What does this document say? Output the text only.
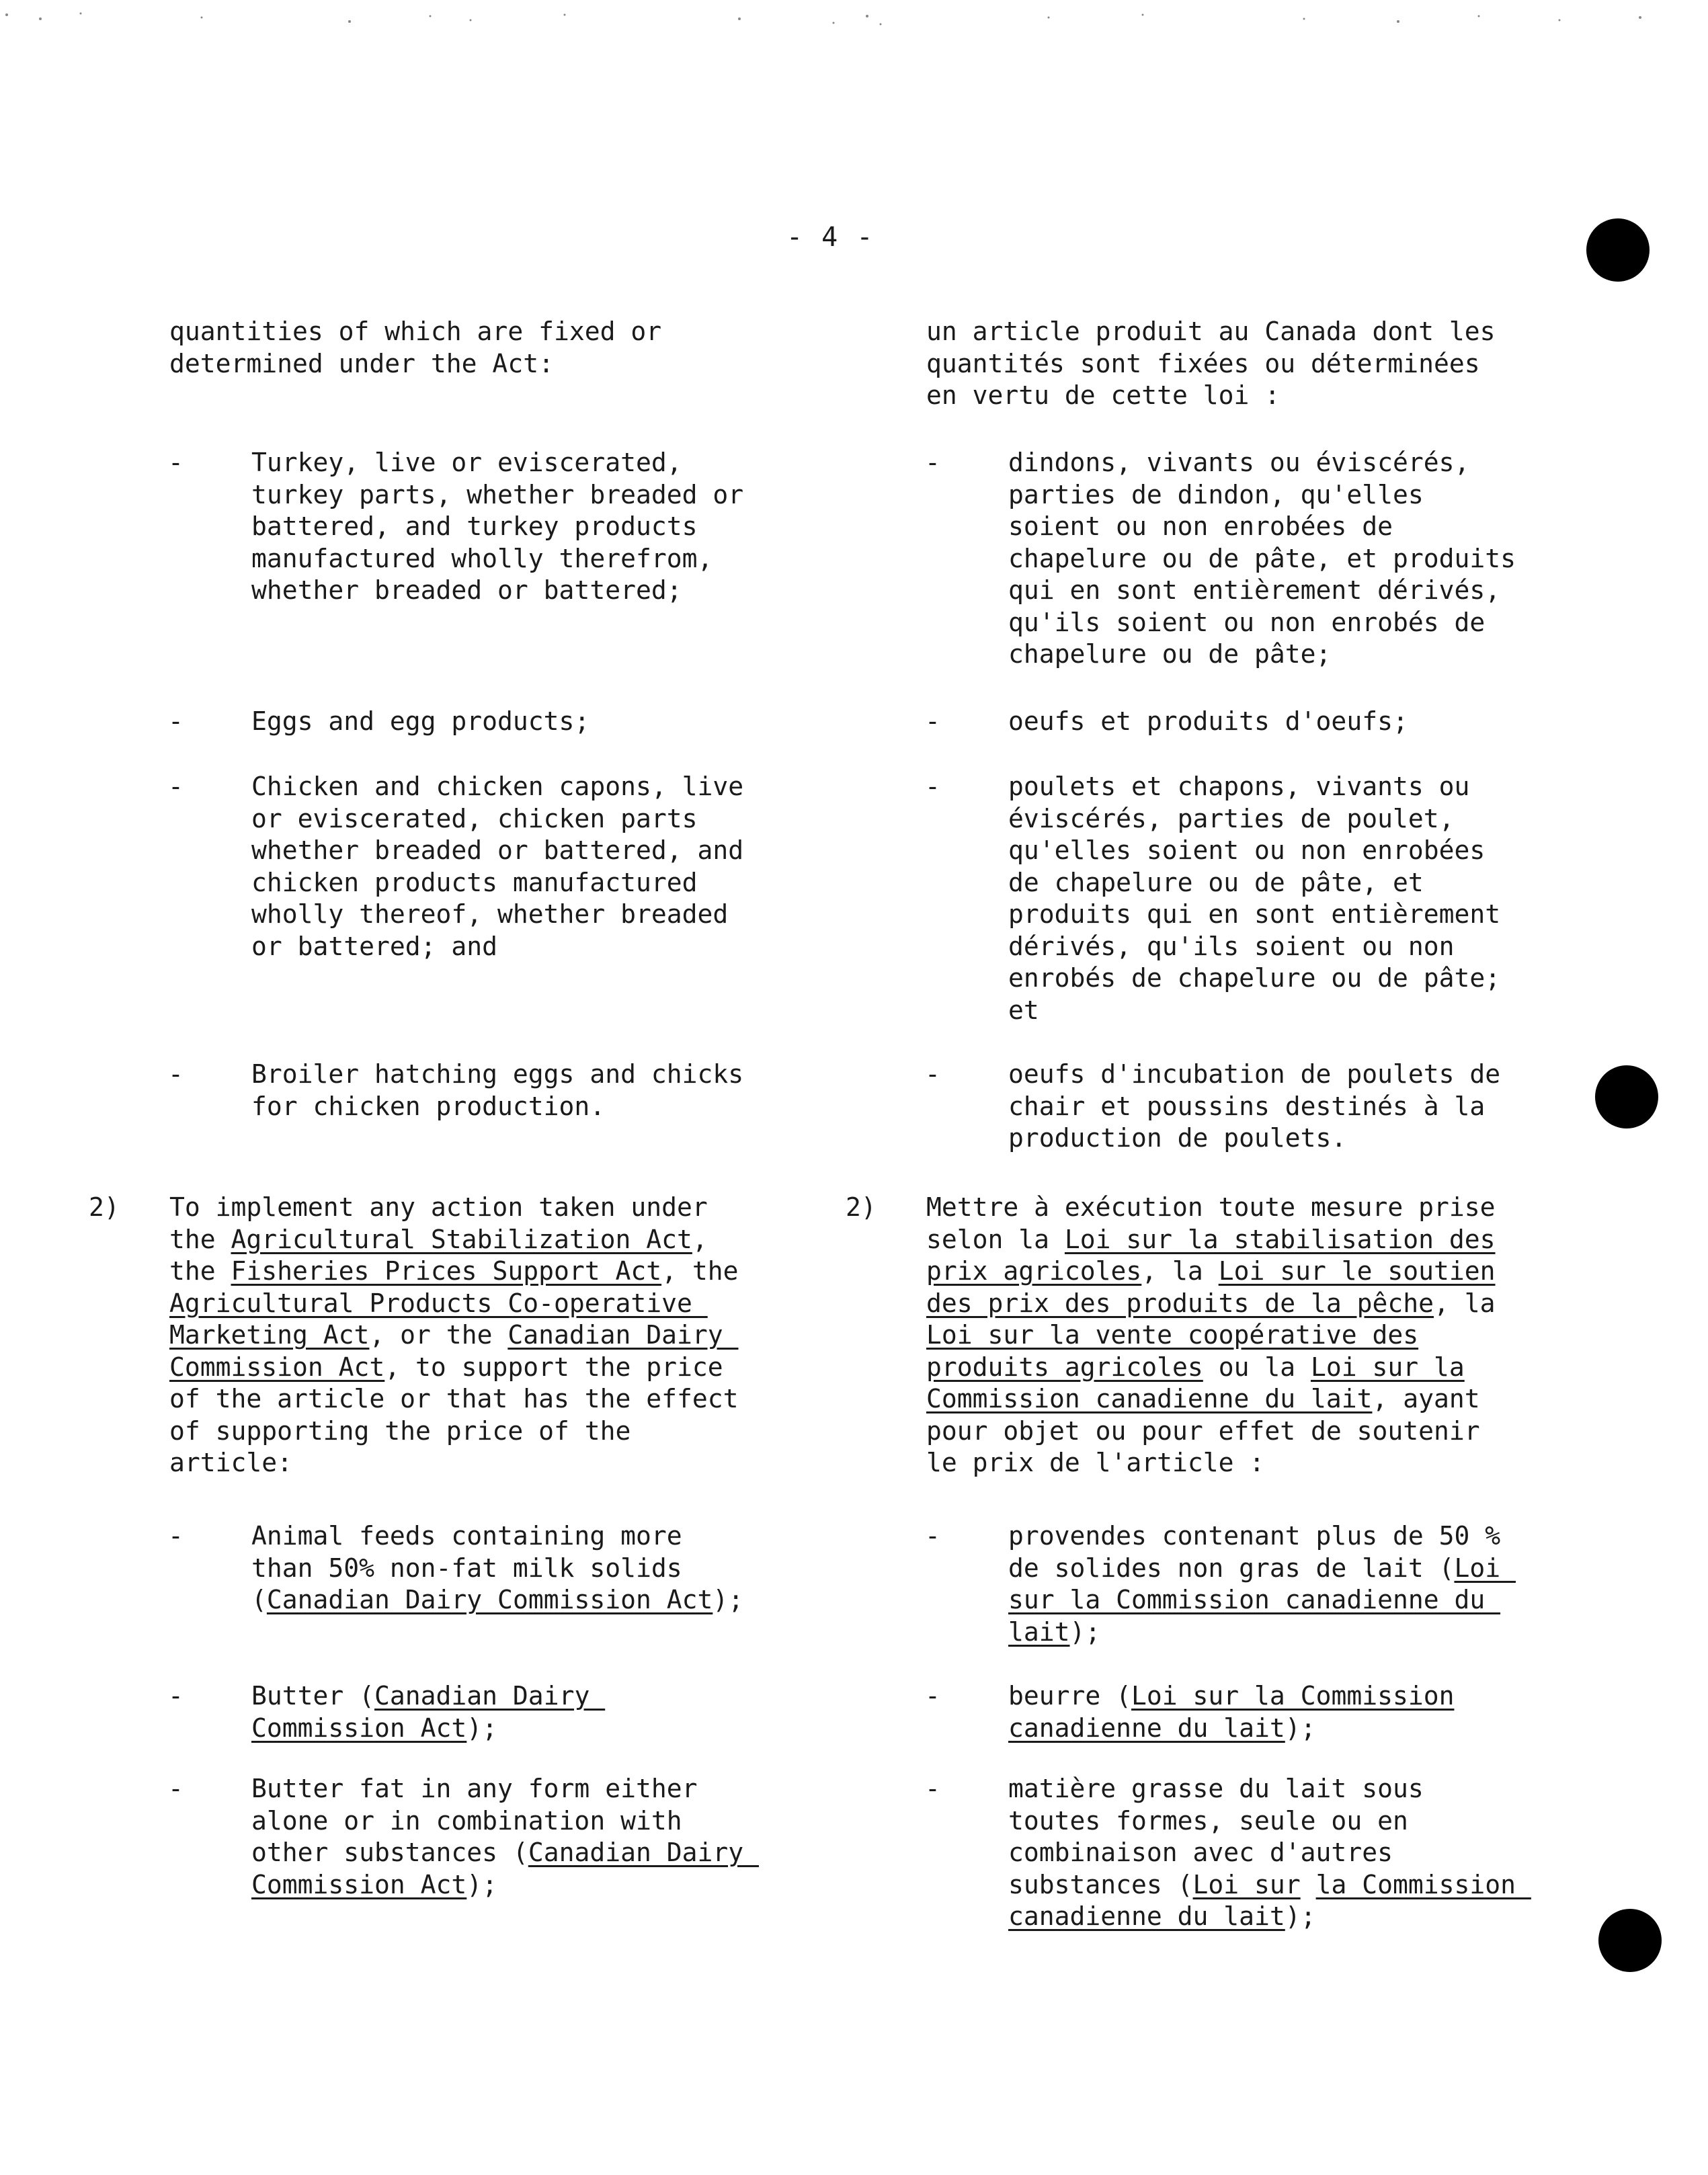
- 4 -
quantities of which are fixed or
determined under the Act:
-	Turkey, live or eviscerated,
turkey parts, whether breaded or
battered, and turkey products
manufactured wholly therefrom,
whether breaded or battered;
-	Eggs and egg products;
-	Chicken and chicken capons, live
or eviscerated, chicken parts
whether breaded or battered, and
chicken products manufactured
wholly thereof, whether breaded
or battered; and
-	Broiler hatching eggs and chicks
for chicken production.
2) To implement any action taken under
the Agricultural Stabilization Act,
the Fisheries Prices Support Act, the
Agricultural Products Co-operative
Marketing Act, or the Canadian Dairy
Commission Act, to support the price
of the article or that has the effect
of supporting the price of the
article:
-	Animal feeds containing more
than 50% non-fat milk solids
(Canadian Dairy Commission Act);
-	Butter (Canadian Dairy
Commission Act);
-	Butter fat in any form either
alone or in combination with
other substances (Canadian Dairy
Commission Act);
un article produit au Canada dont les
quantités sont fixées ou déterminées
en vertu de cette loi :
-	dindons, vivants ou éviscérés,
parties de dindon, qu'elles
soient ou non enrobées de
chapelure ou de pâte, et produits
qui en sont entièrement dérivés,
qu'ils soient ou non enrobés de
chapelure ou de pâte;
-	oeufs et produits d'oeufs;
-	poulets et chapons, vivants ou
éviscérés, parties de poulet,
qu'elles soient ou non enrobées
de chapelure ou de pâte, et
produits qui en sont entièrement
dérivés, qu'ils soient ou non
enrobés de chapelure ou de pâte;
et
-	oeufs d'incubation de poulets de
chair et poussins destinés à la
production de poulets.
2) Mettre à exécution toute mesure prise
selon la Loi sur la stabilisation des
prix agricoles, la Loi sur le soutien
des prix des produits de la pêche, la
Loi sur la vente coopérative des
produits agricoles ou la Loi sur la
Commission canadienne du lait, ayant
pour objet ou pour effet de soutenir
le prix de l'article :
-	provendes contenant plus de 50 %
de solides non gras de lait (Loi
sur la Commission canadienne du
lait);
-	beurre (Loi sur la Commission
canadienne du lait);
-	matière grasse du lait sous
toutes formes, seule ou en
combinaison avec d'autres
substances (Loi sur la Commission
canadienne du lait);
